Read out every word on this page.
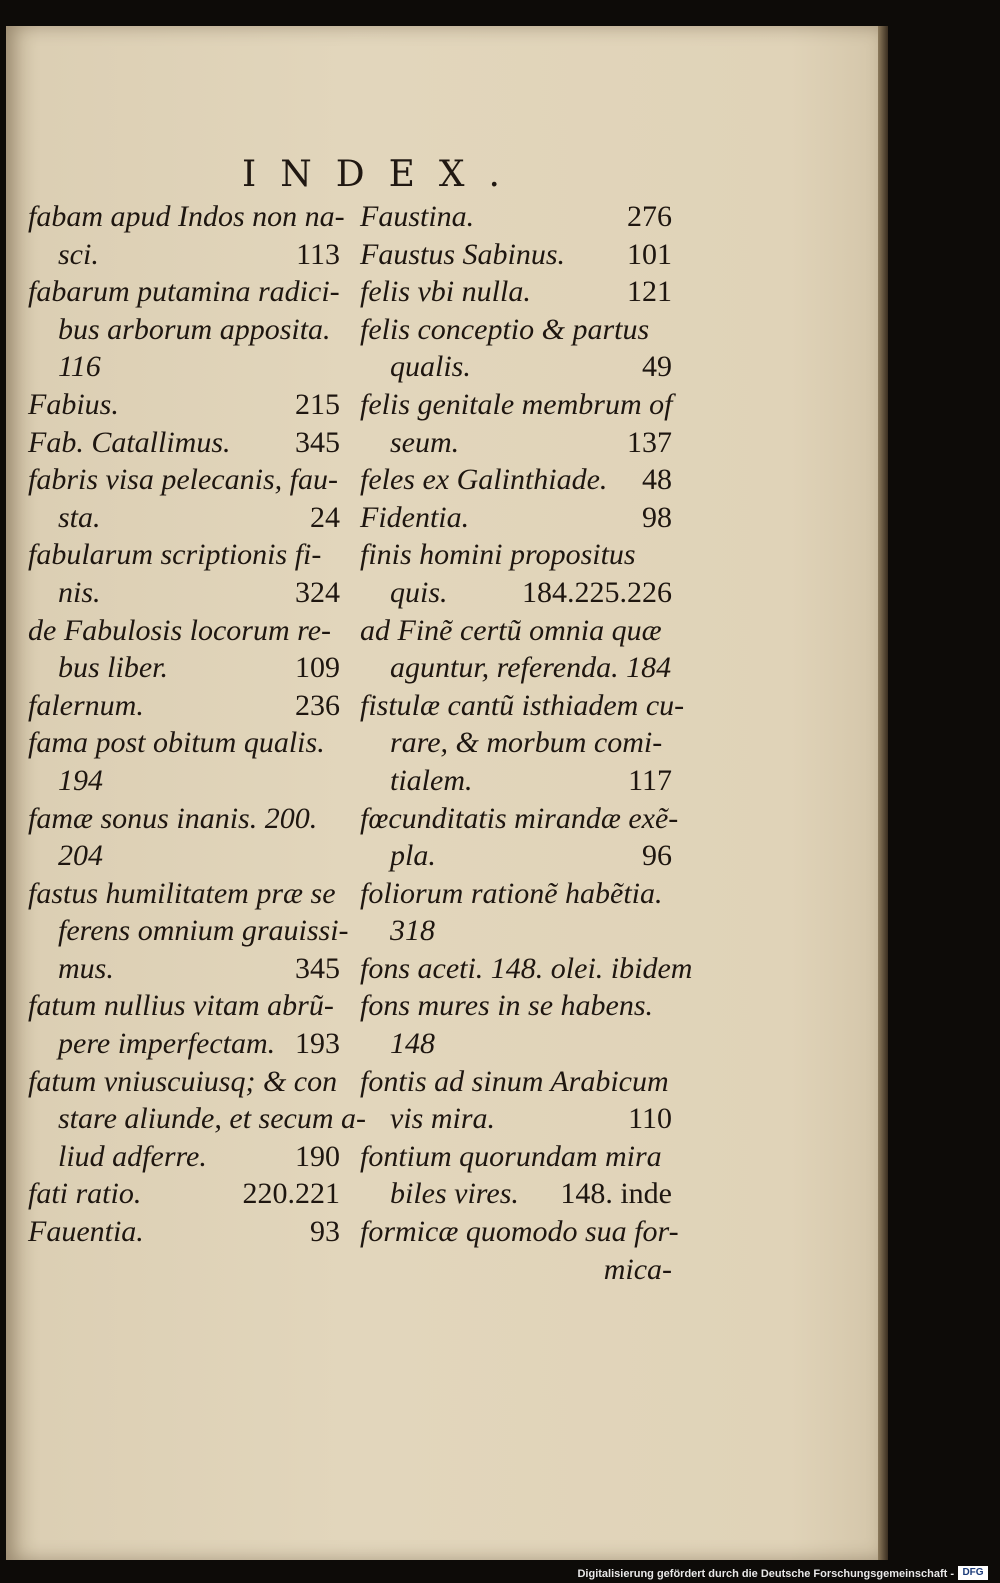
INDEX.
fabam apud Indos non na-
sci.	113
fabarum putamina radici-
bus arborum apposita.
116
Fabius.	215
Fab. Catallimus. 345
fabris visa pelecanis, fau-
sta.	24
fabularum scriptionis fi-
nis.	324
de Fabulosis locorum re-
bus liber.	109
falernum.	236
fama post obitum qualis.
194
famæ sonus inanis. 200.
204
fastus humilitatem præ se
ferens omnium grauissi-
mus.	345
fatum nullius vitam abrũ-
pere imperfectam. 193
fatum vniuscuiusq; & con
stare aliunde, et secum a-
liud adferre.	190
fati ratio.	220.221
Fauentia.	93
Faustina.	276
Faustus Sabinus. 101
felis vbi nulla.	121
felis conceptio & partus
qualis.	49
felis genitale membrum of
seum.	137
feles ex Galinthiade. 48
Fidentia.	98
finis homini propositus
quis. 184.225.226
ad Finẽ certũ omnia quæ
aguntur, referenda. 184
fistulæ cantũ isthiadem cu-
rare, & morbum comi-
tialem.	117
fœcunditatis mirandæ exẽ-
pla.	96
foliorum rationẽ habẽtia.
318
fons aceti. 148. olei. ibidem
fons mures in se habens.
148
fontis ad sinum Arabicum
vis mira.	110
fontium quorundam mira
biles vires. 148. inde
formicæ quomodo sua for-
mica-
Digitalisierung gefördert durch die Deutsche Forschungsgemeinschaft - DFG
